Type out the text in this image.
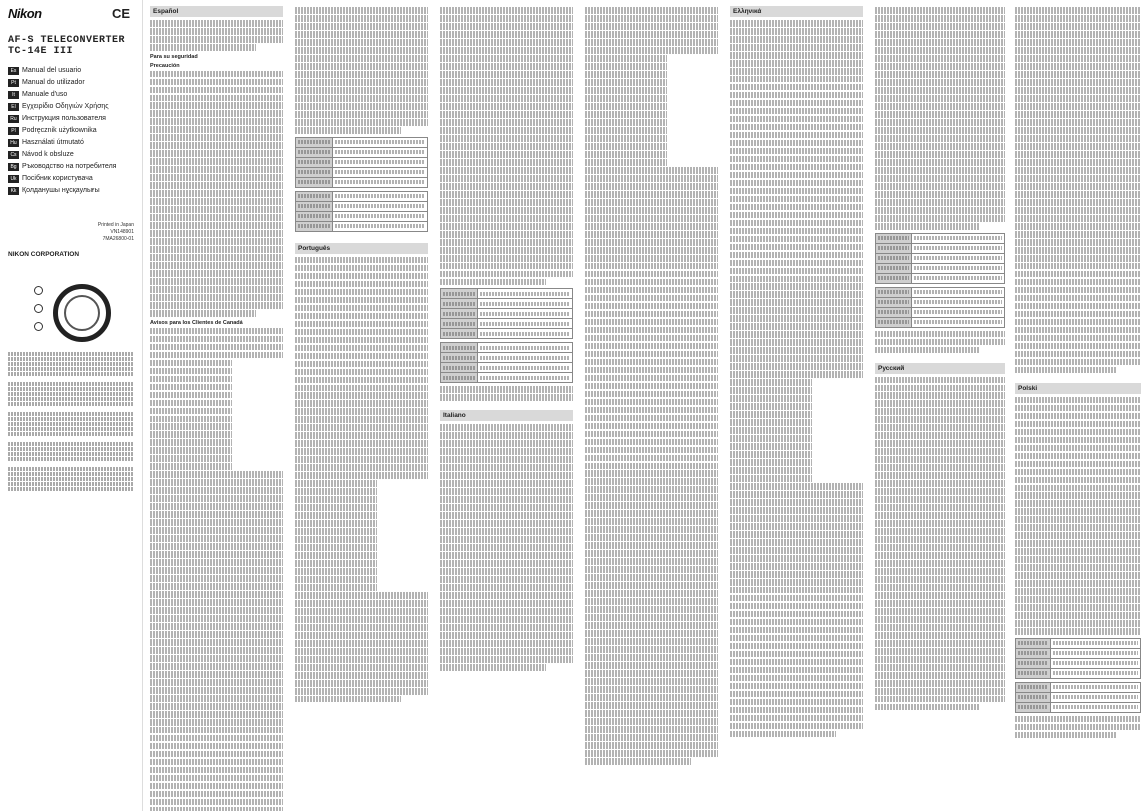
Nikon	CE
AF-S TELECONVERTER TC-14E III
Es Manual del usuario
Pt Manual do utilizador
It	Manuale d'uso
El Εγχειρίδιο Οδηγιών Χρήσης
Ru Инструкция пользователя
Pl Podręcznik użytkownika
Hu Használati útmutató
Cs Návod k obsluze
Bg Ръководство на потребителя
Uk Посібник користувача
Kk Қолданушы нұсқаулығы
Printed in Japan
VN148901
7MA26800-01
NIKON CORPORATION
Español
Para su seguridad
Precaución
Avisos para los Clientes de Canadá

Português

Italiano
Ελληνικά

Русский
Polski
